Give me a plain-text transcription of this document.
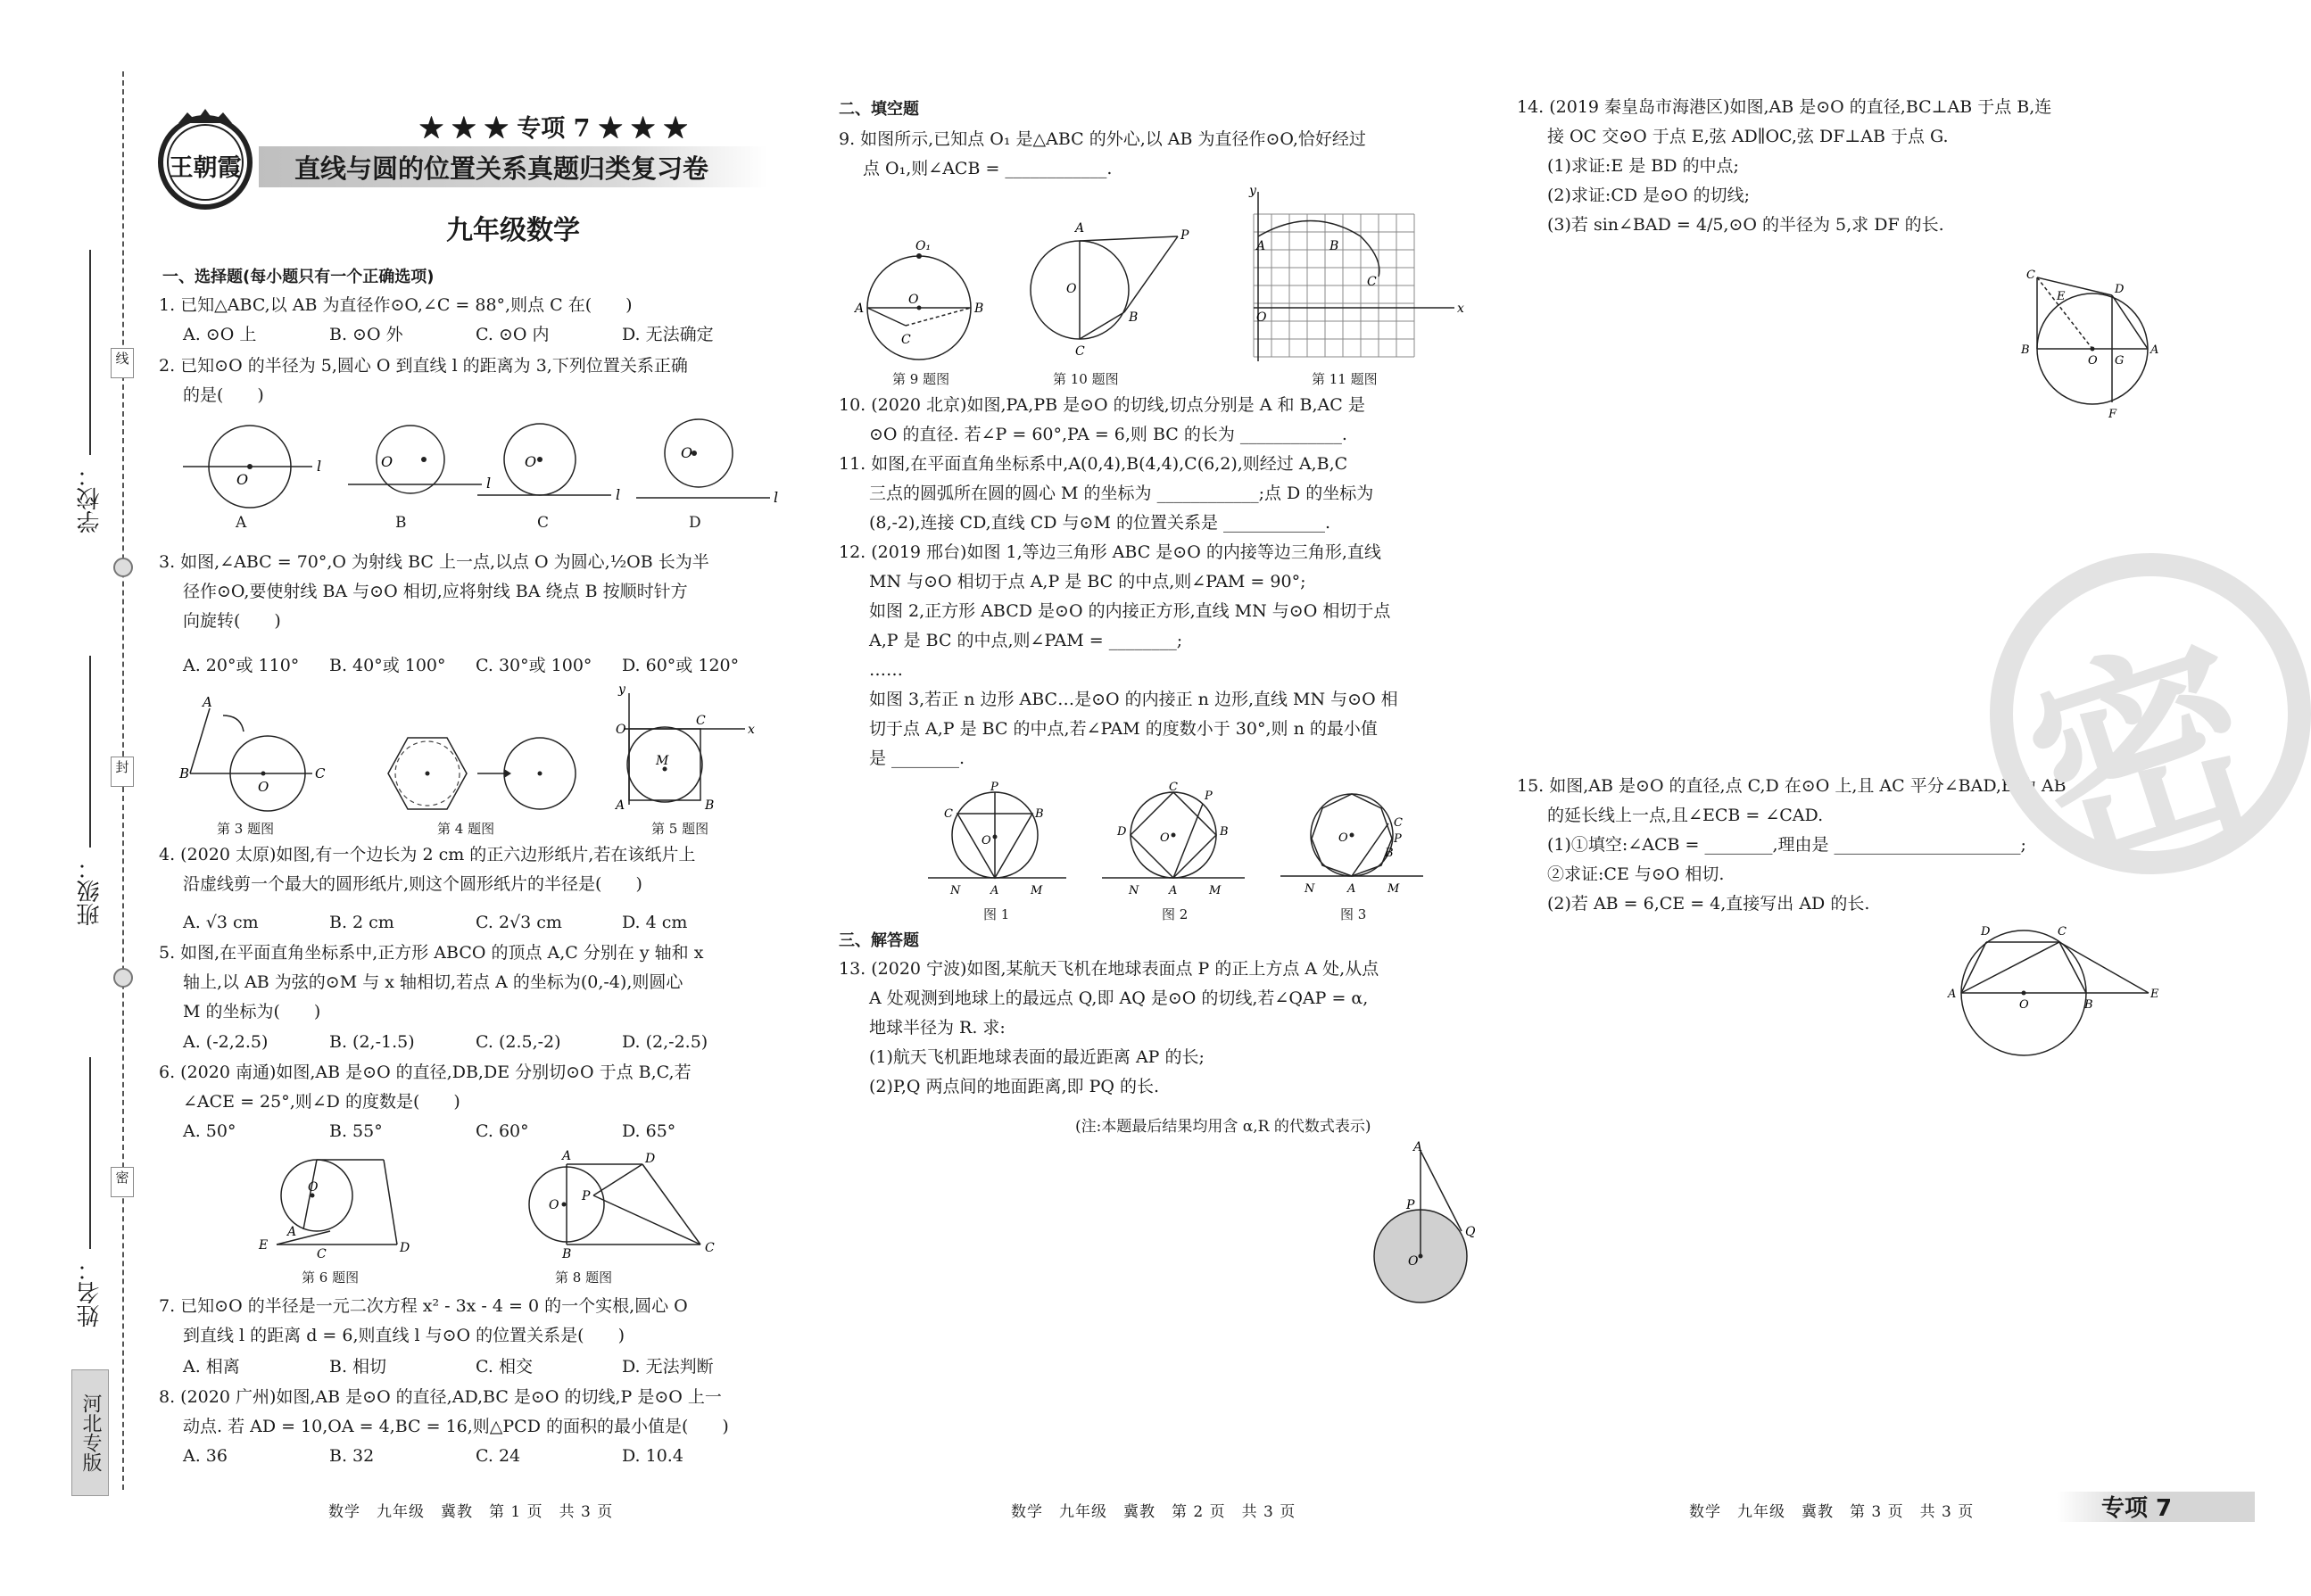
线
封
密
学校：
班级：
姓名：
河北专版
王朝霞
★ ★ ★ 专项 7 ★ ★ ★
直线与圆的位置关系真题归类复习卷
九年级数学
一、选择题(每小题只有一个正确选项)
1. 已知△ABC,以 AB 为直径作⊙O,∠C = 88°,则点 C 在(　　)
A. ⊙O 上	B. ⊙O 外	C. ⊙O 内	D. 无法确定
2. 已知⊙O 的半径为 5,圆心 O 到直线 l 的距离为 3,下列位置关系正确
的是(　　)
O
l	O
l
O
l
O
l
A	B	C	D
3. 如图,∠ABC = 70°,O 为射线 BC 上一点,以点 O 为圆心,½OB 长为半
径作⊙O,要使射线 BA 与⊙O 相切,应将射线 BA 绕点 B 按顺时针方
向旋转(　　)
A. 20°或 110°	B. 40°或 100°	C. 30°或 100°	D. 60°或 120°
A
B
O
C
y
x
O
C
A	B
M
第 3 题图	第 4 题图	第 5 题图
4. (2020 太原)如图,有一个边长为 2 cm 的正六边形纸片,若在该纸片上
沿虚线剪一个最大的圆形纸片,则这个圆形纸片的半径是(　　)
A. √3 cm	B. 2 cm	C. 2√3 cm	D. 4 cm
5. 如图,在平面直角坐标系中,正方形 ABCO 的顶点 A,C 分别在 y 轴和 x
轴上,以 AB 为弦的⊙M 与 x 轴相切,若点 A 的坐标为(0,-4),则圆心
M 的坐标为(　　)
A. (-2,2.5)	B. (2,-1.5)	C. (2.5,-2)	D. (2,-2.5)
6. (2020 南通)如图,AB 是⊙O 的直径,DB,DE 分别切⊙O 于点 B,C,若
∠ACE = 25°,则∠D 的度数是(　　)
A. 50°	B. 55°	C. 60°	D. 65°
O
A
E
C	D
O
P
A	D
B	C
第 6 题图	第 8 题图
7. 已知⊙O 的半径是一元二次方程 x² - 3x - 4 = 0 的一个实根,圆心 O
到直线 l 的距离 d = 6,则直线 l 与⊙O 的位置关系是(　　)
A. 相离	B. 相切	C. 相交	D. 无法判断
8. (2020 广州)如图,AB 是⊙O 的直径,AD,BC 是⊙O 的切线,P 是⊙O 上一
动点. 若 AD = 10,OA = 4,BC = 16,则△PCD 的面积的最小值是(　　)
A. 36	B. 32	C. 24	D. 10.4
数学　九年级　冀教　第 1 页　共 3 页
二、填空题
9. 如图所示,已知点 O₁ 是△ABC 的外心,以 AB 为直径作⊙O,恰好经过
点 O₁,则∠ACB = ____________.
O₁
A	B
C
O
A	P
B
C
O
y
x
A	B
C
O
第 9 题图	第 10 题图	第 11 题图
10. (2020 北京)如图,PA,PB 是⊙O 的切线,切点分别是 A 和 B,AC 是
⊙O 的直径. 若∠P = 60°,PA = 6,则 BC 的长为 ____________.
11. 如图,在平面直角坐标系中,A(0,4),B(4,4),C(6,2),则经过 A,B,C
三点的圆弧所在圆的圆心 M 的坐标为 ____________;点 D 的坐标为
(8,-2),连接 CD,直线 CD 与⊙M 的位置关系是 ____________.
12. (2019 邢台)如图 1,等边三角形 ABC 是⊙O 的内接等边三角形,直线
MN 与⊙O 相切于点 A,P 是 BC 的中点,则∠PAM = 90°;
如图 2,正方形 ABCD 是⊙O 的内接正方形,直线 MN 与⊙O 相切于点
A,P 是 BC 的中点,则∠PAM = ________;
……
如图 3,若正 n 边形 ABC…是⊙O 的内接正 n 边形,直线 MN 与⊙O 相
切于点 A,P 是 BC 的中点,若∠PAM 的度数小于 30°,则 n 的最小值
是 ________.
P
C	B
O
N	A	M
C
P
D	B
O
N	A	M
C
P
B
O
N	A	M
图 1	图 2	图 3
三、解答题
13. (2020 宁波)如图,某航天飞机在地球表面点 P 的正上方点 A 处,从点
A 处观测到地球上的最远点 Q,即 AQ 是⊙O 的切线,若∠QAP = α,
地球半径为 R. 求:
(1)航天飞机距地球表面的最近距离 AP 的长;
(2)P,Q 两点间的地面距离,即 PQ 的长.
(注:本题最后结果均用含 α,R 的代数式表示)
A
P
Q
O
数学　九年级　冀教　第 2 页　共 3 页
14. (2019 秦皇岛市海港区)如图,AB 是⊙O 的直径,BC⊥AB 于点 B,连
接 OC 交⊙O 于点 E,弦 AD∥OC,弦 DF⊥AB 于点 G.
(1)求证:E 是 BD 的中点;
(2)求证:CD 是⊙O 的切线;
(3)若 sin∠BAD = 4/5,⊙O 的半径为 5,求 DF 的长.
C
E
D
B	A
O G
F
15. 如图,AB 是⊙O 的直径,点 C,D 在⊙O 上,且 AC 平分∠BAD,E 为 AB
的延长线上一点,且∠ECB = ∠CAD.
(1)①填空:∠ACB = ________,理由是 ______________________;
②求证:CE 与⊙O 相切.
(2)若 AB = 6,CE = 4,直接写出 AD 的长.
D	C
A
O	B
E
密
数学　九年级　冀教　第 3 页　共 3 页	专项 7
